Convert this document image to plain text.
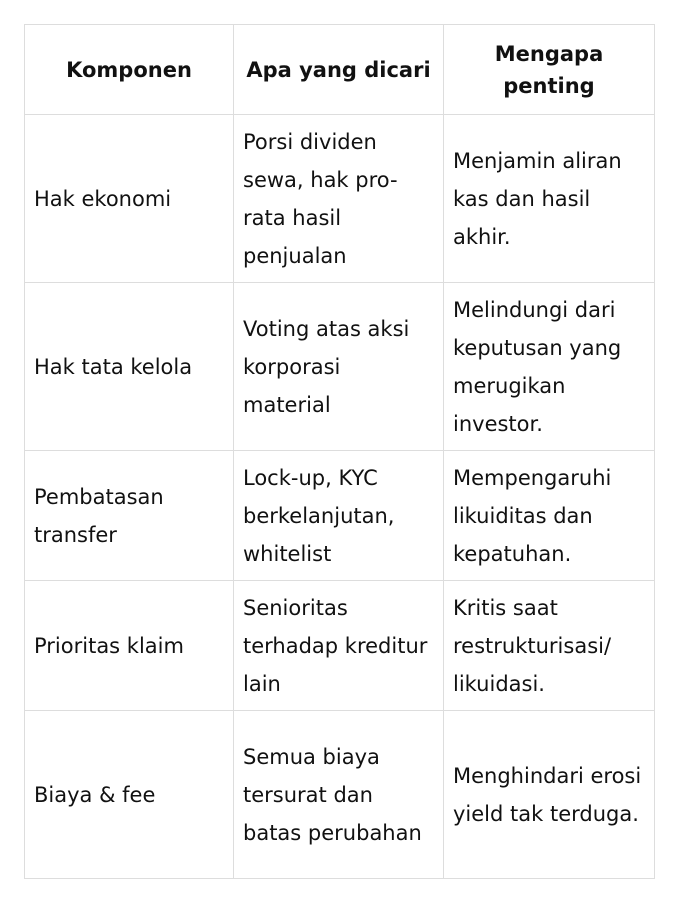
Komponen	Apa yang dicari	Mengapa penting
Hak ekonomi	Porsi dividen sewa, hak pro-rata hasil penjualan	Menjamin aliran kas dan hasil akhir.
Hak tata kelola	Voting atas aksi korporasi material	Melindungi dari keputusan yang merugikan investor.
Pembatasan transfer	Lock-up, KYC berkelanjutan, whitelist	Mempengaruhi likuiditas dan kepatuhan.
Prioritas klaim	Senioritas terhadap kreditur lain	Kritis saat restrukturisasi/ likuidasi.
Biaya & fee	Semua biaya tersurat dan batas perubahan	Menghindari erosi yield tak terduga.
